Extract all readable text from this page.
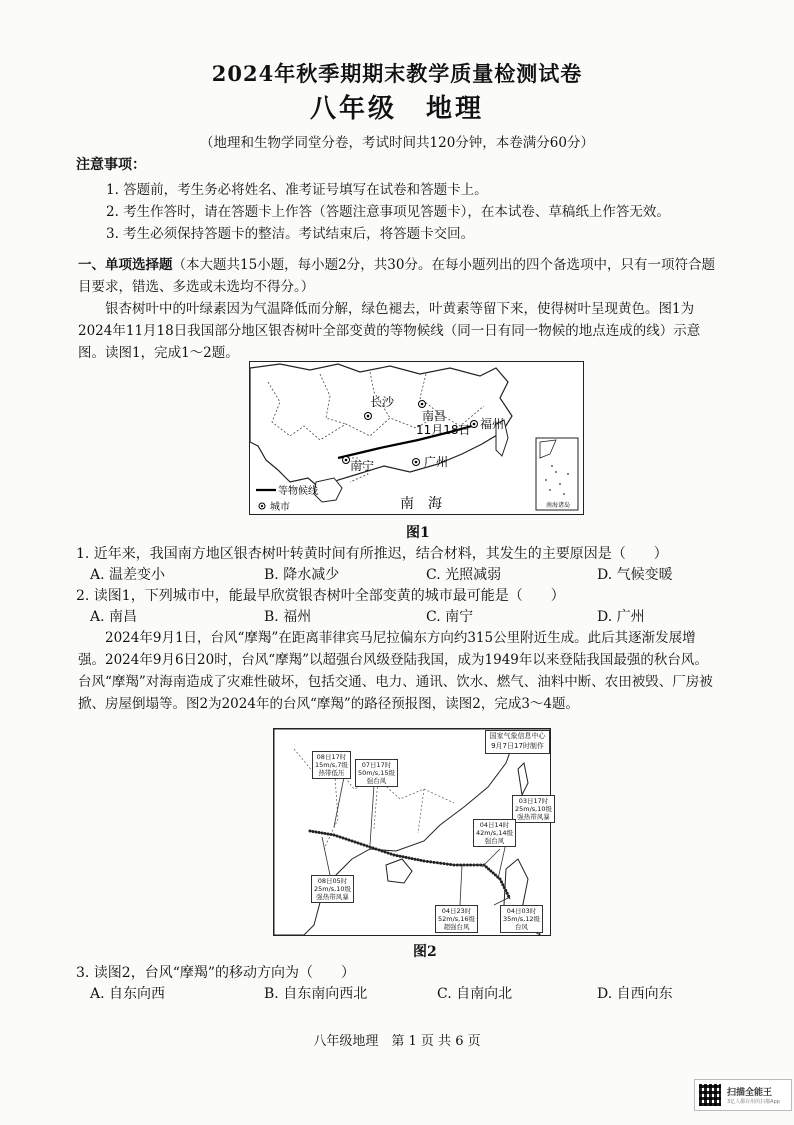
2024年秋季期期末教学质量检测试卷
八年级　地理
（地理和生物学同堂分卷，考试时间共120分钟，本卷满分60分）
注意事项：
1. 答题前，考生务必将姓名、准考证号填写在试卷和答题卡上。
2. 考生作答时，请在答题卡上作答（答题注意事项见答题卡），在本试卷、草稿纸上作答无效。
3. 考生必须保持答题卡的整洁。考试结束后，将答题卡交回。
一、单项选择题（本大题共15小题，每小题2分，共30分。在每小题列出的四个备选项中，只有一项符合题目要求，错选、多选或未选均不得分。）
银杏树叶中的叶绿素因为气温降低而分解，绿色褪去，叶黄素等留下来，使得树叶呈现黄色。图1为2024年11月18日我国部分地区银杏树叶全部变黄的等物候线（同一日有同一物候的地点连成的线）示意图。读图1，完成1～2题。
长沙
南昌
福州
南宁	广州
11月18日
南　海
等物候线
城市	南海诸岛
图1
1. 近年来，我国南方地区银杏树叶转黄时间有所推迟，结合材料，其发生的主要原因是（　　）
A. 温差变小	B. 降水减少	C. 光照减弱	D. 气候变暖
2. 读图1，下列城市中，能最早欣赏银杏树叶全部变黄的城市最可能是（　　）
A. 南昌	B. 福州	C. 南宁	D. 广州
2024年9月1日，台风“摩羯”在距离菲律宾马尼拉偏东方向约315公里附近生成。此后其逐渐发展增强。2024年9月6日20时，台风“摩羯”以超强台风级登陆我国，成为1949年以来登陆我国最强的秋台风。台风“摩羯”对海南造成了灾难性破坏，包括交通、电力、通讯、饮水、燃气、油料中断、农田被毁、厂房被掀、房屋倒塌等。图2为2024年的台风“摩羯”的路径预报图，读图2，完成3～4题。
国家气象信息中心
9月7日17时制作
08日17时
15m/s,7级
热带低压
07日17时
50m/s,15级
强台风
03日17时
25m/s,10级
强热带风暴
04日14时
42m/s,14级
强台风
08日05时
25m/s,10级
强热带风暴
04日23时
52m/s,16级
超强台风
04日03时
35m/s,12级
台风
图2
3. 读图2，台风“摩羯”的移动方向为（　　）
A. 自东向西	B. 自东南向西北	C. 自南向北	D. 自西向东
八年级地理　第 1 页 共 6 页
扫描全能王
3亿人都在用的扫描App
